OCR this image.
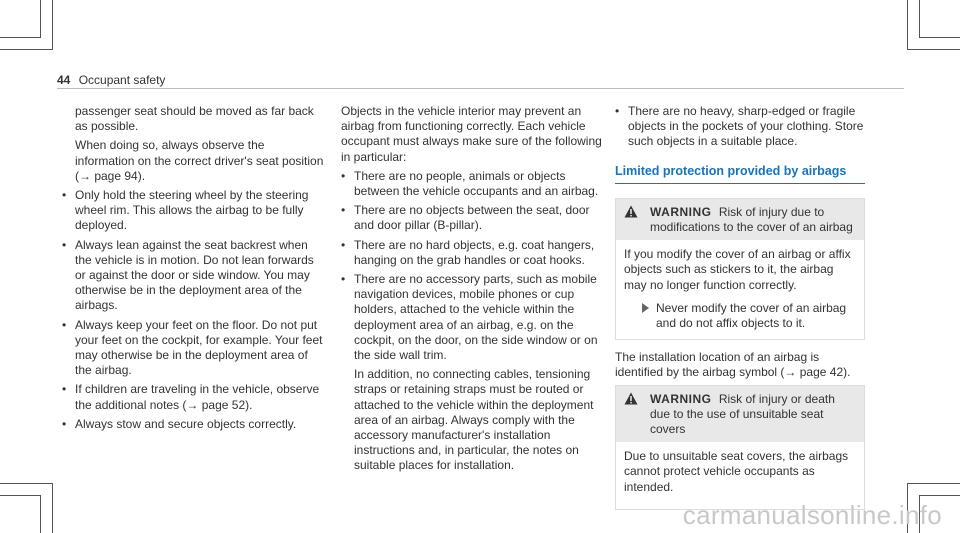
44 Occupant safety

passenger seat should be moved as far back as possible.

When doing so, always observe the information on the correct driver's seat position (→ page 94).

• Only hold the steering wheel by the steering wheel rim. This allows the airbag to be fully deployed.
• Always lean against the seat backrest when the vehicle is in motion. Do not lean forwards or against the door or side window. You may otherwise be in the deployment area of the airbags.
• Always keep your feet on the floor. Do not put your feet on the cockpit, for example. Your feet may otherwise be in the deployment area of the airbag.
• If children are traveling in the vehicle, observe the additional notes (→ page 52).
• Always stow and secure objects correctly.

Objects in the vehicle interior may prevent an airbag from functioning correctly. Each vehicle occupant must always make sure of the following in particular:

• There are no people, animals or objects between the vehicle occupants and an airbag.
• There are no objects between the seat, door and door pillar (B-pillar).
• There are no hard objects, e.g. coat hangers, hanging on the grab handles or coat hooks.
• There are no accessory parts, such as mobile navigation devices, mobile phones or cup holders, attached to the vehicle within the deployment area of an airbag, e.g. on the cockpit, on the door, on the side window or on the side wall trim.

In addition, no connecting cables, tensioning straps or retaining straps must be routed or attached to the vehicle within the deployment area of an airbag. Always comply with the accessory manufacturer's installation instructions and, in particular, the notes on suitable places for installation.

• There are no heavy, sharp-edged or fragile objects in the pockets of your clothing. Store such objects in a suitable place.
Limited protection provided by airbags
WARNING Risk of injury due to modifications to the cover of an airbag

If you modify the cover of an airbag or affix objects such as stickers to it, the airbag may no longer function correctly.

Never modify the cover of an airbag and do not affix objects to it.

The installation location of an airbag is identified by the airbag symbol (→ page 42).

WARNING Risk of injury or death due to the use of unsuitable seat covers

Due to unsuitable seat covers, the airbags cannot protect vehicle occupants as intended.

carmanualsonline.info
